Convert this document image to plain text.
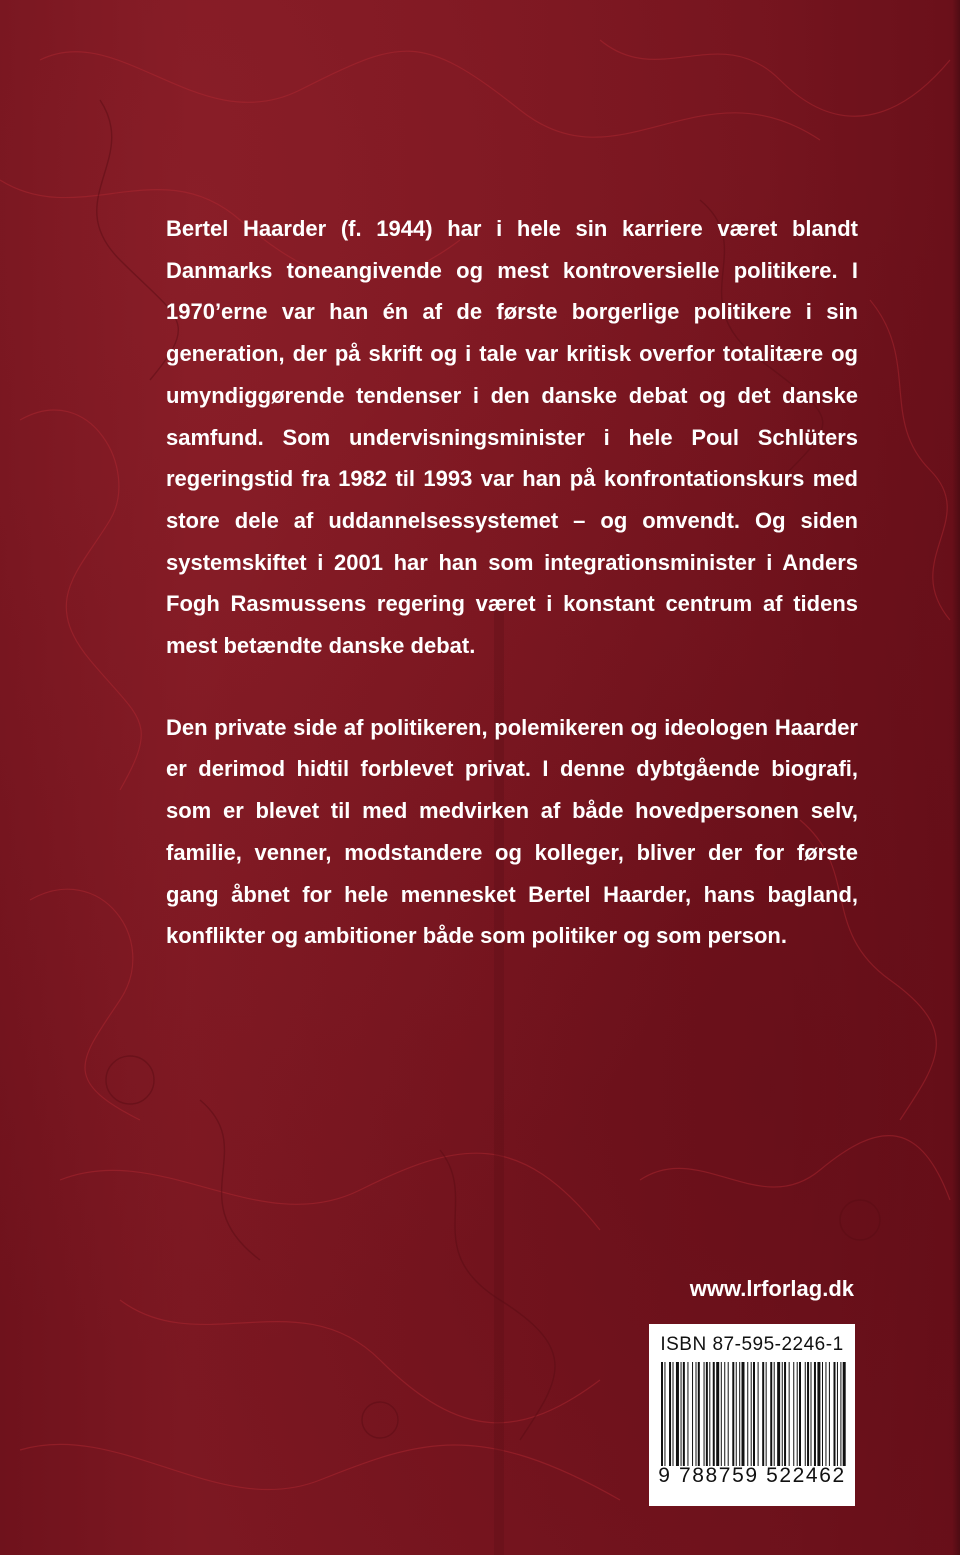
Bertel Haarder (f. 1944) har i hele sin karriere været blandt Danmarks toneangivende og mest kontroversielle politikere. I 1970’erne var han én af de første borgerlige politikere i sin generation, der på skrift og i tale var kritisk overfor totalitære og umyndiggørende tendenser i den danske debat og det danske samfund. Som undervisningsminister i hele Poul Schlüters regeringstid fra 1982 til 1993 var han på konfrontationskurs med store dele af uddannelsessystemet – og omvendt. Og siden systemskiftet i 2001 har han som integrationsminister i Anders Fogh Rasmussens regering været i konstant centrum af tidens mest betændte danske debat.

Den private side af politikeren, polemikeren og ideologen Haarder er derimod hidtil forblevet privat. I denne dybtgående biografi, som er blevet til med medvirken af både hovedpersonen selv, familie, venner, modstandere og kolleger, bliver der for første gang åbnet for hele mennesket Bertel Haarder, hans bagland, konflikter og ambitioner både som politiker og som person.

www.lrforlag.dk
ISBN 87-595-2246-1
9 788759 522462
